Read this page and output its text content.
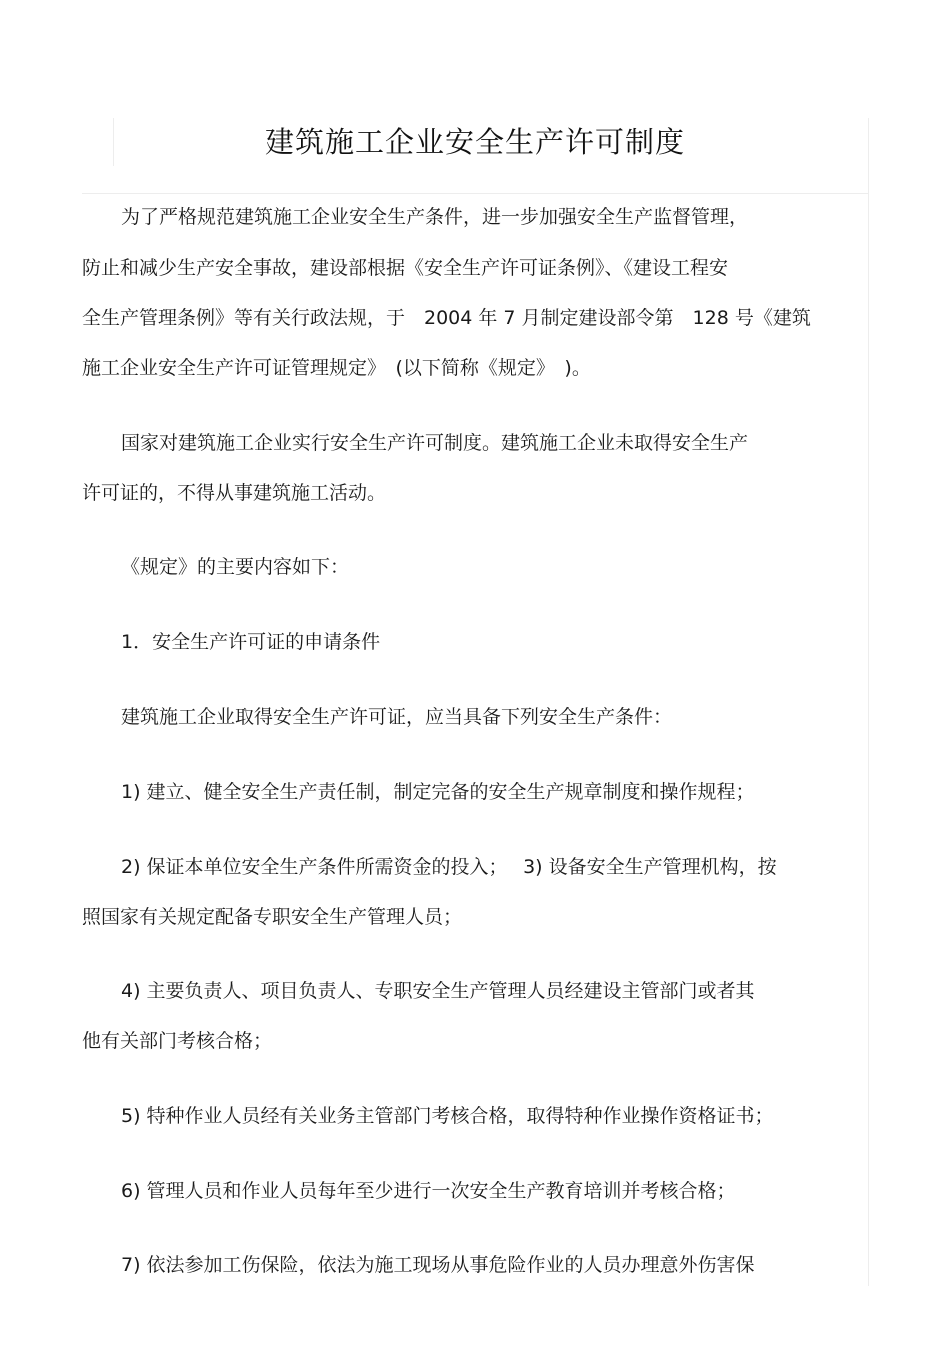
建筑施工企业安全生产许可制度
为了严格规范建筑施工企业安全生产条件，进一步加强安全生产监督管理，
防止和减少生产安全事故，建设部根据《安全生产许可证条例》、《建设工程安
全生产管理条例》等有关行政法规，于　2004 年 7 月制定建设部令第　128 号《建筑
施工企业安全生产许可证管理规定》　(以下简称《规定》　)。
国家对建筑施工企业实行安全生产许可制度。建筑施工企业未取得安全生产
许可证的，不得从事建筑施工活动。
《规定》的主要内容如下：
1．安全生产许可证的申请条件
建筑施工企业取得安全生产许可证，应当具备下列安全生产条件：
1) 建立、健全安全生产责任制，制定完备的安全生产规章制度和操作规程；
2) 保证本单位安全生产条件所需资金的投入；　 3) 设备安全生产管理机构，按
照国家有关规定配备专职安全生产管理人员；
4) 主要负责人、项目负责人、专职安全生产管理人员经建设主管部门或者其
他有关部门考核合格；
5) 特种作业人员经有关业务主管部门考核合格，取得特种作业操作资格证书；
6) 管理人员和作业人员每年至少进行一次安全生产教育培训并考核合格；
7) 依法参加工伤保险，依法为施工现场从事危险作业的人员办理意外伤害保
